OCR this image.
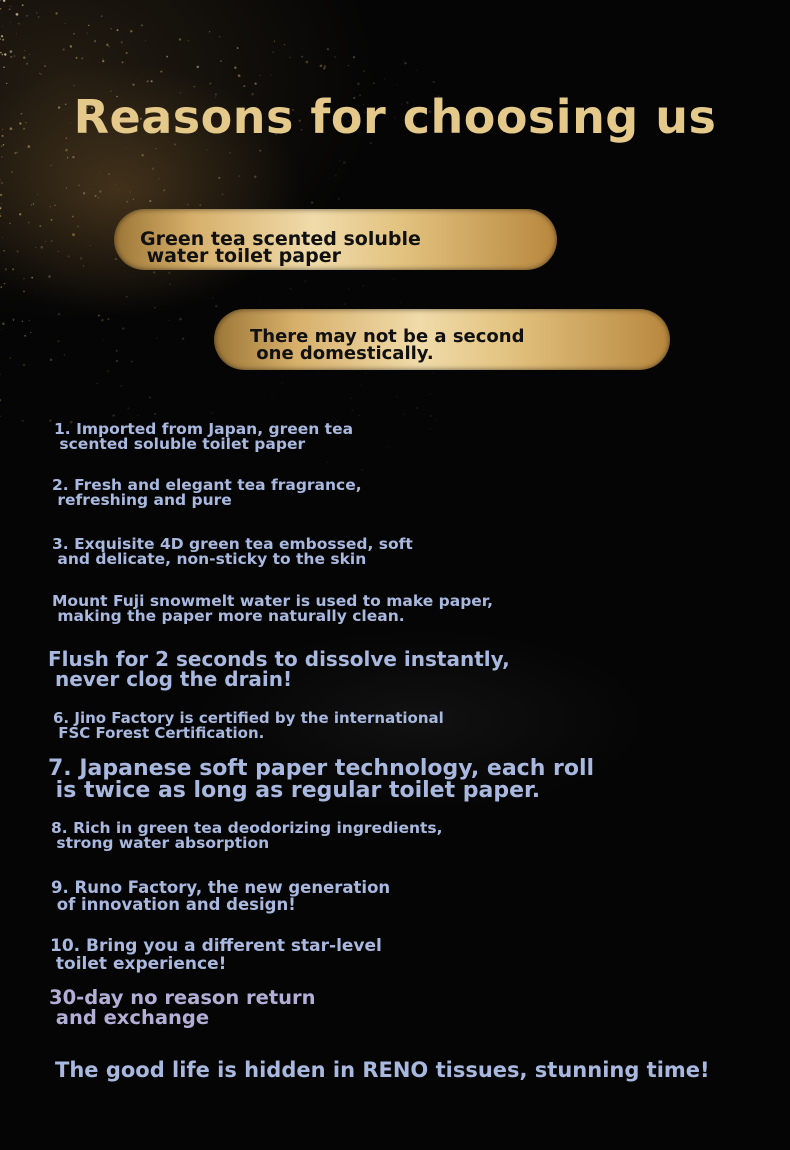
Reasons for choosing us
Green tea scented soluble
water toilet paper
There may not be a second
one domestically.
1. Imported from Japan, green tea
scented soluble toilet paper
2. Fresh and elegant tea fragrance,
refreshing and pure
3. Exquisite 4D green tea embossed, soft
and delicate, non-sticky to the skin
Mount Fuji snowmelt water is used to make paper,
making the paper more naturally clean.
Flush for 2 seconds to dissolve instantly,
never clog the drain!
6. Jino Factory is certified by the international
FSC Forest Certification.
7. Japanese soft paper technology, each roll
is twice as long as regular toilet paper.
8. Rich in green tea deodorizing ingredients,
strong water absorption
9. Runo Factory, the new generation
of innovation and design!
10. Bring you a different star-level
toilet experience!
30-day no reason return
and exchange
The good life is hidden in RENO tissues, stunning time!
